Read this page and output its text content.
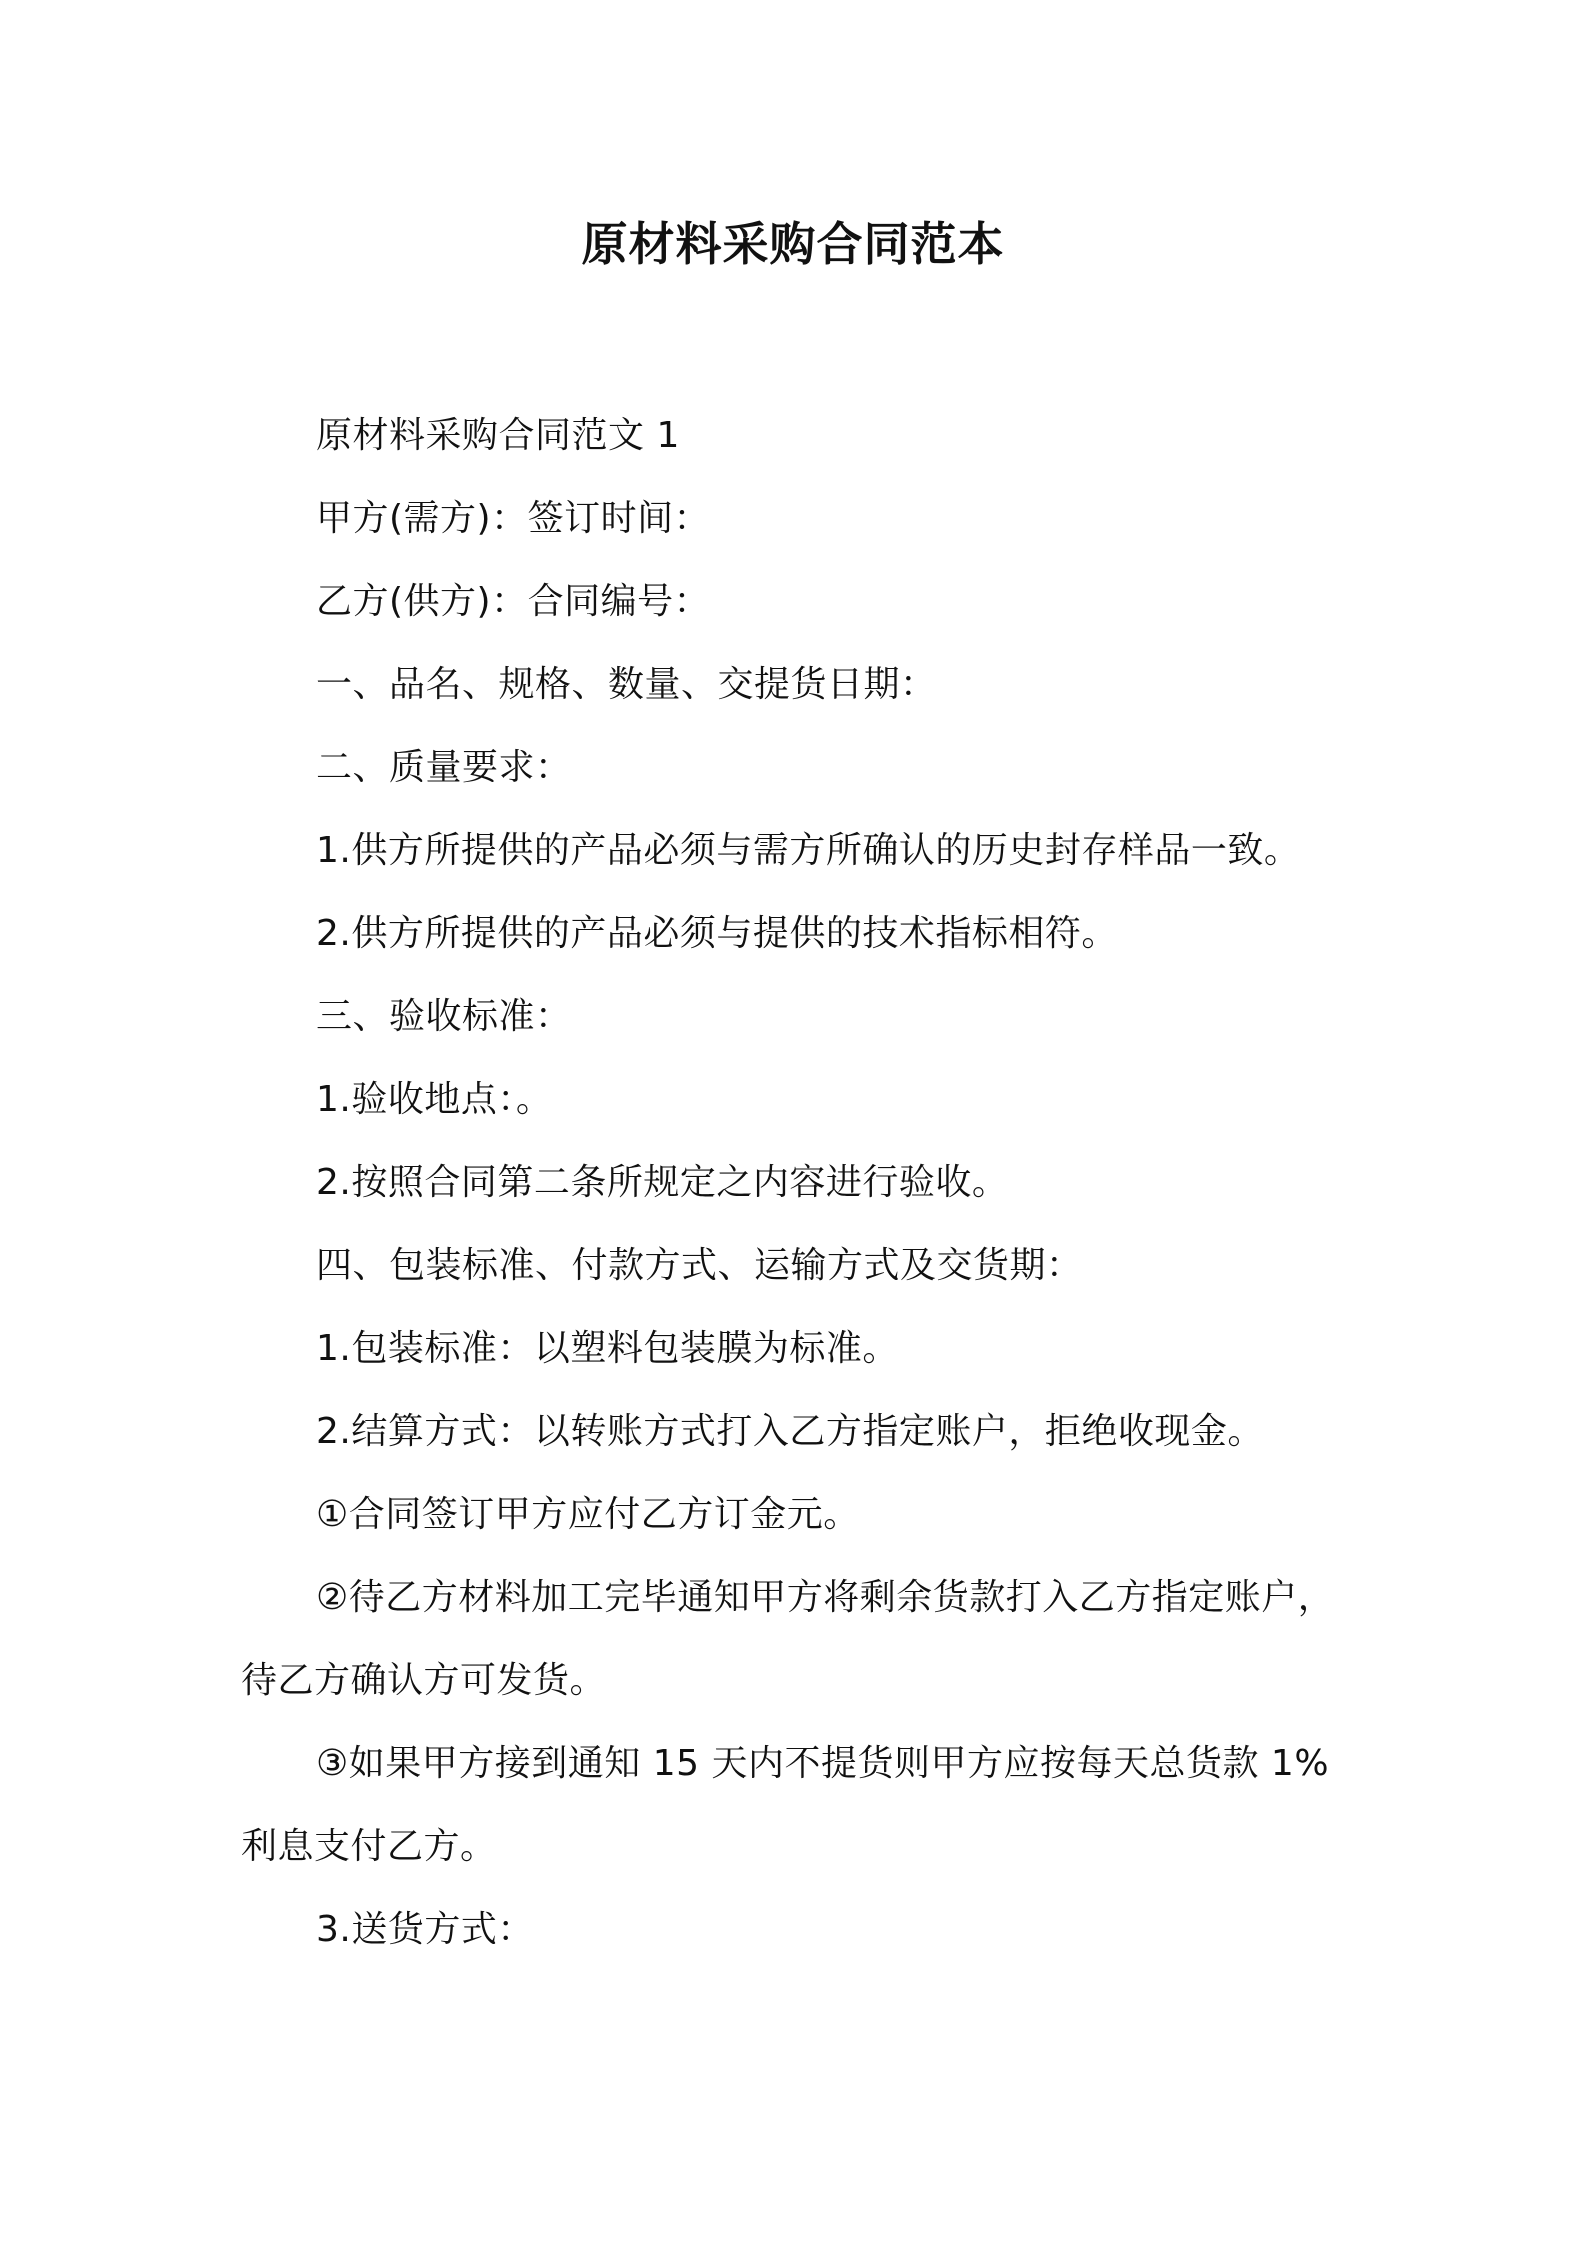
原材料采购合同范本
原材料采购合同范文 1
甲方(需方)：签订时间：
乙方(供方)：合同编号：
一、品名、规格、数量、交提货日期：
二、质量要求：
1.供方所提供的产品必须与需方所确认的历史封存样品一致。
2.供方所提供的产品必须与提供的技术指标相符。
三、验收标准：
1.验收地点：。
2.按照合同第二条所规定之内容进行验收。
四、包装标准、付款方式、运输方式及交货期：
1.包装标准：以塑料包装膜为标准。
2.结算方式：以转账方式打入乙方指定账户，拒绝收现金。
①合同签订甲方应付乙方订金元。
②待乙方材料加工完毕通知甲方将剩余货款打入乙方指定账户，待乙方确认方可发货。
③如果甲方接到通知 15 天内不提货则甲方应按每天总货款 1%利息支付乙方。
3.送货方式：
